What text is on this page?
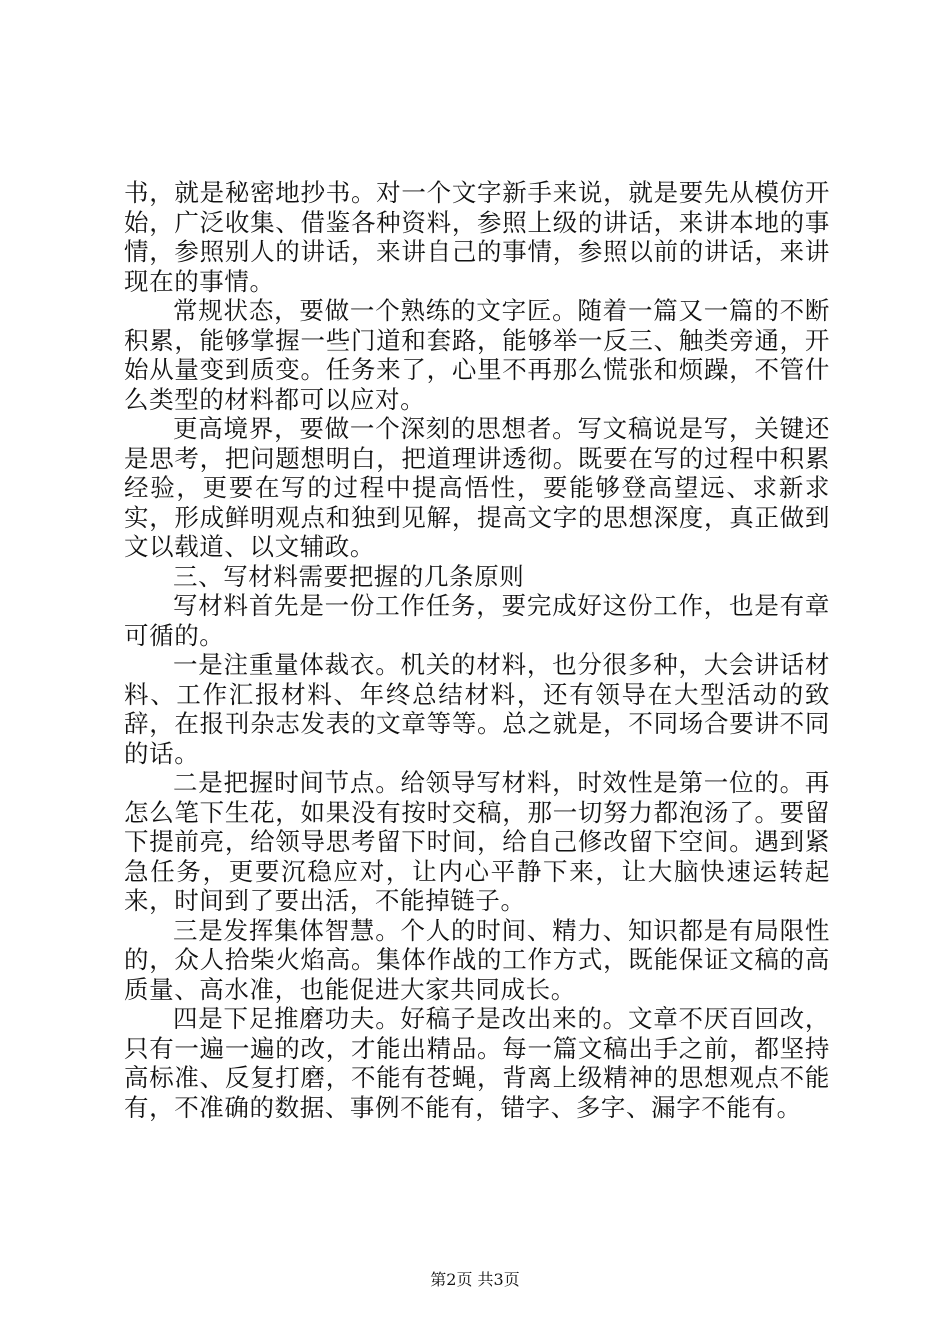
书，就是秘密地抄书。对一个文字新手来说，就是要先从模仿开始，广泛收集、借鉴各种资料，参照上级的讲话，来讲本地的事情，参照别人的讲话，来讲自己的事情，参照以前的讲话，来讲现在的事情。

常规状态，要做一个熟练的文字匠。随着一篇又一篇的不断积累，能够掌握一些门道和套路，能够举一反三、触类旁通，开始从量变到质变。任务来了，心里不再那么慌张和烦躁，不管什么类型的材料都可以应对。

更高境界，要做一个深刻的思想者。写文稿说是写，关键还是思考，把问题想明白，把道理讲透彻。既要在写的过程中积累经验，更要在写的过程中提高悟性，要能够登高望远、求新求实，形成鲜明观点和独到见解，提高文字的思想深度，真正做到文以载道、以文辅政。

三、写材料需要把握的几条原则

写材料首先是一份工作任务，要完成好这份工作，也是有章可循的。

一是注重量体裁衣。机关的材料，也分很多种，大会讲话材料、工作汇报材料、年终总结材料，还有领导在大型活动的致辞，在报刊杂志发表的文章等等。总之就是，不同场合要讲不同的话。

二是把握时间节点。给领导写材料，时效性是第一位的。再怎么笔下生花，如果没有按时交稿，那一切努力都泡汤了。要留下提前亮，给领导思考留下时间，给自己修改留下空间。遇到紧急任务，更要沉稳应对，让内心平静下来，让大脑快速运转起来，时间到了要出活，不能掉链子。

三是发挥集体智慧。个人的时间、精力、知识都是有局限性的，众人拾柴火焰高。集体作战的工作方式，既能保证文稿的高质量、高水准，也能促进大家共同成长。

四是下足推磨功夫。好稿子是改出来的。文章不厌百回改，只有一遍一遍的改，才能出精品。每一篇文稿出手之前，都坚持高标准、反复打磨，不能有苍蝇，背离上级精神的思想观点不能有，不准确的数据、事例不能有，错字、多字、漏字不能有。

第2页 共3页
